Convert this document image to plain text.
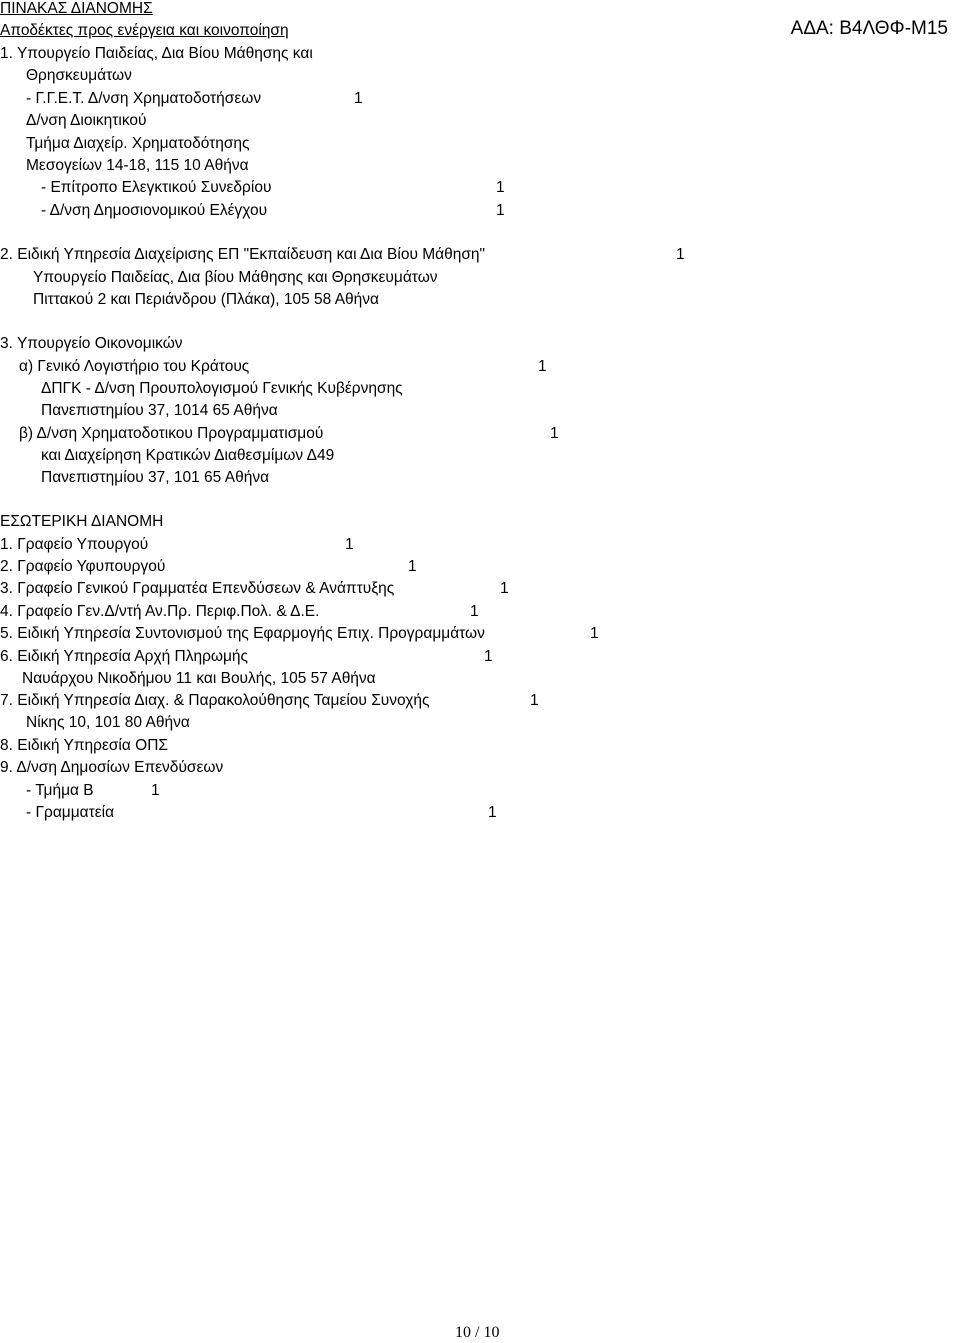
ΠΙΝΑΚΑΣ ΔΙΑΝΟΜΗΣ
Αποδέκτες προς ενέργεια και κοινοποίηση	ΑΔΑ: Β4ΛΘΦ-Μ15
1. Υπουργείο Παιδείας, Δια Βίου Μάθησης και
Θρησκευμάτων
- Γ.Γ.Ε.Τ. Δ/νση Χρηματοδοτήσεων	1
Δ/νση Διοικητικού
Τμήμα Διαχείρ. Χρηματοδότησης
Μεσογείων 14-18, 115 10 Αθήνα
- Επίτροπο Ελεγκτικού Συνεδρίου	1
- Δ/νση Δημοσιονομικού Ελέγχου	1
2. Ειδική Υπηρεσία Διαχείρισης ΕΠ "Εκπαίδευση και Δια Βίου Μάθηση"	1
Υπουργείο Παιδείας, Δια βίου Μάθησης και Θρησκευμάτων
Πιττακού 2 και Περιάνδρου (Πλάκα), 105 58 Αθήνα
3. Υπουργείο Οικονομικών
α) Γενικό Λογιστήριο του Κράτους	1
ΔΠΓΚ - Δ/νση Προυπολογισμού Γενικής Κυβέρνησης
Πανεπιστημίου 37, 1014 65 Αθήνα
β) Δ/νση Χρηματοδοτικου Προγραμματισμού	1
και Διαχείρηση Κρατικών Διαθεσμίμων Δ49
Πανεπιστημίου 37, 101 65 Αθήνα
ΕΣΩΤΕΡΙΚΗ ΔΙΑΝΟΜΗ
1. Γραφείο Υπουργού	1
2. Γραφείο Υφυπουργού	1
3. Γραφείο Γενικού Γραμματέα Επενδύσεων & Ανάπτυξης	1
4. Γραφείο Γεν.Δ/ντή Αν.Πρ. Περιφ.Πολ. & Δ.Ε.	1
5. Ειδική Υπηρεσία Συντονισμού της Εφαρμογής Επιχ. Προγραμμάτων	1
6. Ειδική Υπηρεσία Αρχή Πληρωμής	1
Ναυάρχου Νικοδήμου 11 και Βουλής, 105 57 Αθήνα
7. Ειδική Υπηρεσία Διαχ. & Παρακολούθησης Ταμείου Συνοχής	1
Νίκης 10, 101 80 Αθήνα
8. Ειδική Υπηρεσία ΟΠΣ
9. Δ/νση Δημοσίων Επενδύσεων
- Τμήμα Β	1
- Γραμματεία	1
10 / 10
